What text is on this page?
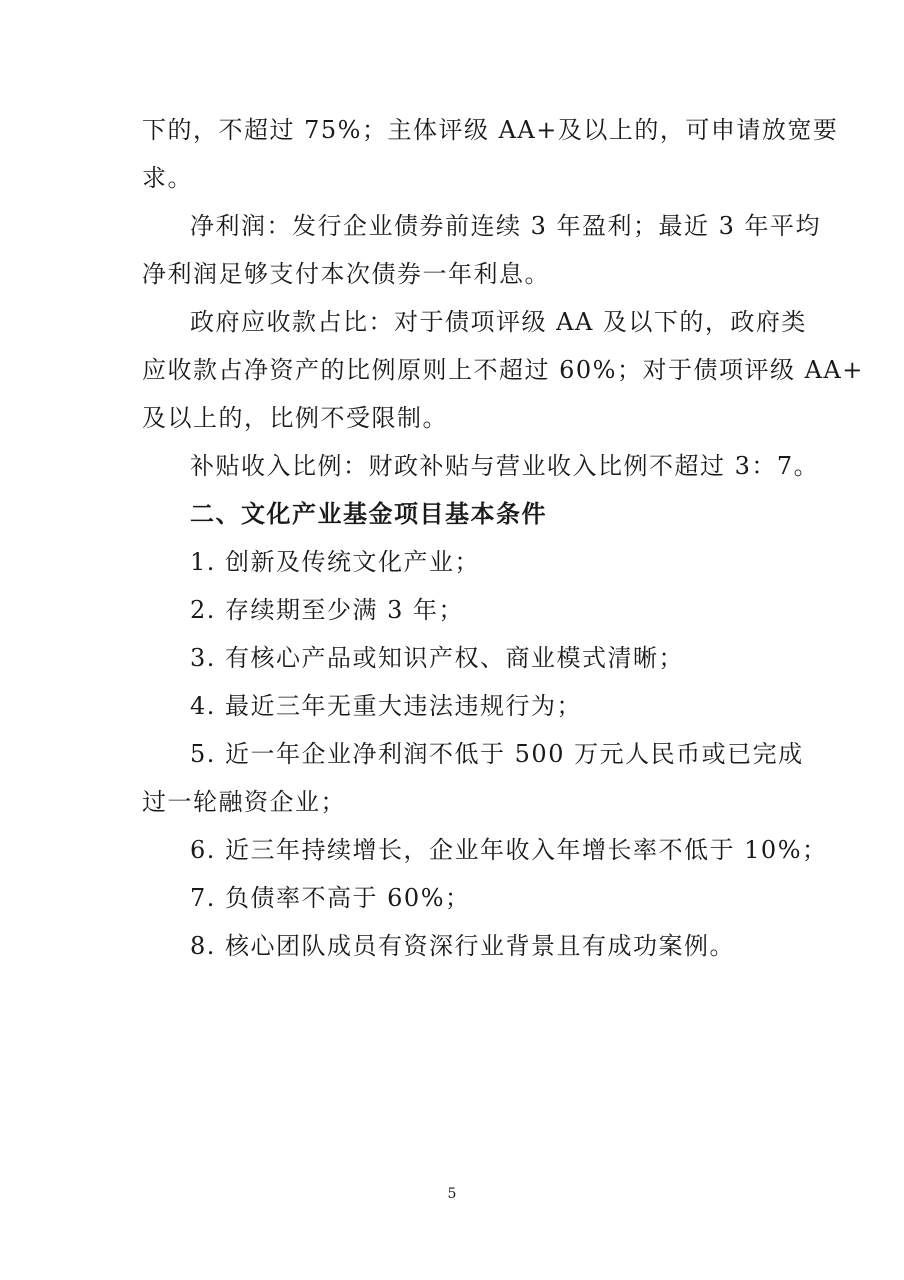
下的，不超过 75%；主体评级 AA+及以上的，可申请放宽要
求。
净利润：发行企业债券前连续 3 年盈利；最近 3 年平均
净利润足够支付本次债券一年利息。
政府应收款占比：对于债项评级 AA 及以下的，政府类
应收款占净资产的比例原则上不超过 60%；对于债项评级 AA+
及以上的，比例不受限制。
补贴收入比例：财政补贴与营业收入比例不超过 3：7。
二、文化产业基金项目基本条件
1. 创新及传统文化产业；
2. 存续期至少满 3 年；
3. 有核心产品或知识产权、商业模式清晰；
4. 最近三年无重大违法违规行为；
5. 近一年企业净利润不低于 500 万元人民币或已完成
过一轮融资企业；
6. 近三年持续增长，企业年收入年增长率不低于 10%；
7. 负债率不高于 60%；
8. 核心团队成员有资深行业背景且有成功案例。
5
